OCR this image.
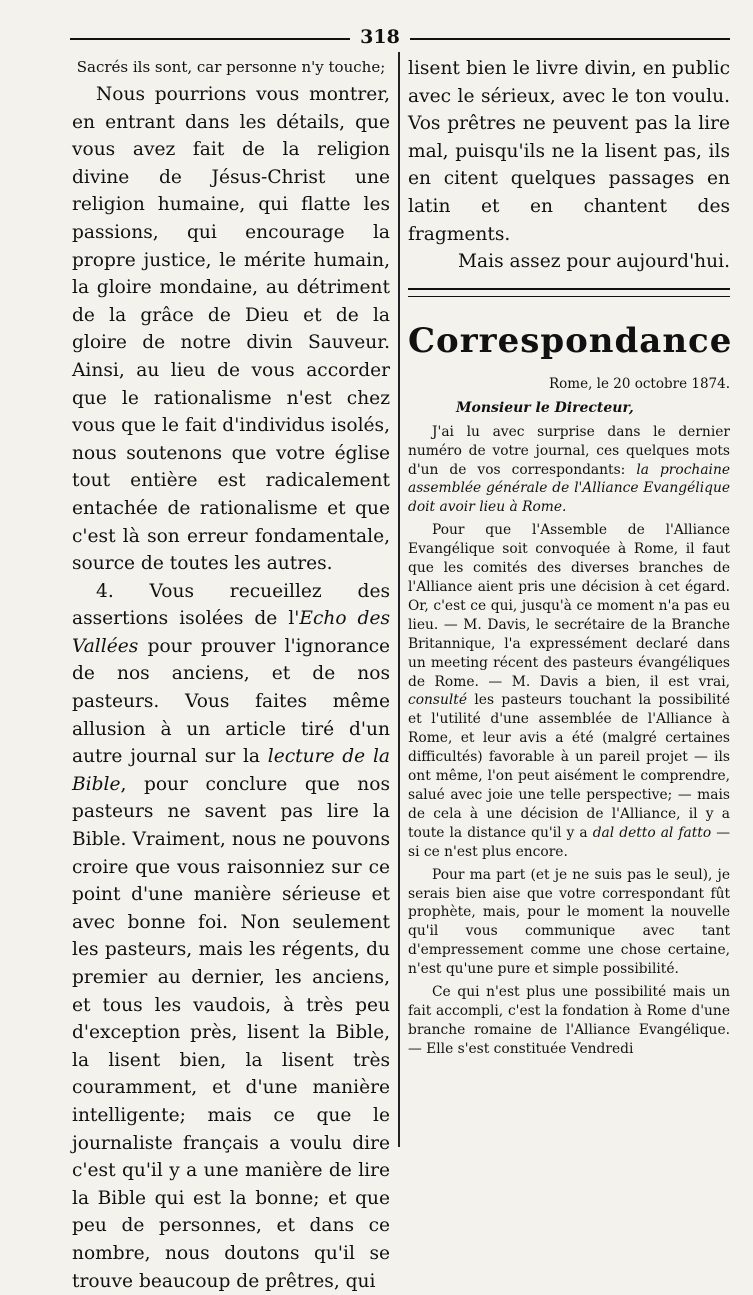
318

Sacrés ils sont, car personne n'y touche;

Nous pourrions vous montrer, en entrant dans les détails, que vous avez fait de la religion divine de Jésus-Christ une religion humaine, qui flatte les passions, qui encourage la propre justice, le mérite humain, la gloire mondaine, au détriment de la grâce de Dieu et de la gloire de notre divin Sauveur. Ainsi, au lieu de vous accorder que le rationalisme n'est chez vous que le fait d'individus isolés, nous soutenons que votre église tout entière est radicalement entachée de rationalisme et que c'est là son erreur fondamentale, source de toutes les autres.

4. Vous recueillez des assertions isolées de l'Echo des Vallées pour prouver l'ignorance de nos anciens, et de nos pasteurs. Vous faites même allusion à un article tiré d'un autre journal sur la lecture de la Bible, pour conclure que nos pasteurs ne savent pas lire la Bible. Vraiment, nous ne pouvons croire que vous raisonniez sur ce point d'une manière sérieuse et avec bonne foi. Non seulement les pasteurs, mais les régents, du premier au dernier, les anciens, et tous les vaudois, à très peu d'exception près, lisent la Bible, la lisent bien, la lisent très couramment, et d'une manière intelligente; mais ce que le journaliste français a voulu dire c'est qu'il y a une manière de lire la Bible qui est la bonne; et que peu de personnes, et dans ce nombre, nous doutons qu'il se trouve beaucoup de prêtres, qui

lisent bien le livre divin, en public avec le sérieux, avec le ton voulu. Vos prêtres ne peuvent pas la lire mal, puisqu'ils ne la lisent pas, ils en citent quelques passages en latin et en chantent des fragments.

Mais assez pour aujourd'hui.

Correspondance

Rome, le 20 octobre 1874.

Monsieur le Directeur,

J'ai lu avec surprise dans le dernier numéro de votre journal, ces quelques mots d'un de vos correspondants: la prochaine assemblée générale de l'Alliance Evangélique doit avoir lieu à Rome.

Pour que l'Assemble de l'Alliance Evangélique soit convoquée à Rome, il faut que les comités des diverses branches de l'Alliance aient pris une décision à cet égard. Or, c'est ce qui, jusqu'à ce moment n'a pas eu lieu. — M. Davis, le secrétaire de la Branche Britannique, l'a expressément declaré dans un meeting récent des pasteurs évangéliques de Rome. — M. Davis a bien, il est vrai, consulté les pasteurs touchant la possibilité et l'utilité d'une assemblée de l'Alliance à Rome, et leur avis a été (malgré certaines difficultés) favorable à un pareil projet — ils ont même, l'on peut aisément le comprendre, salué avec joie une telle perspective; — mais de cela à une décision de l'Alliance, il y a toute la distance qu'il y a dal detto al fatto — si ce n'est plus encore.

Pour ma part (et je ne suis pas le seul), je serais bien aise que votre correspondant fût prophète, mais, pour le moment la nouvelle qu'il vous communique avec tant d'empressement comme une chose certaine, n'est qu'une pure et simple possibilité.

Ce qui n'est plus une possibilité mais un fait accompli, c'est la fondation à Rome d'une branche romaine de l'Alliance Evangélique. — Elle s'est constituée Vendredi
